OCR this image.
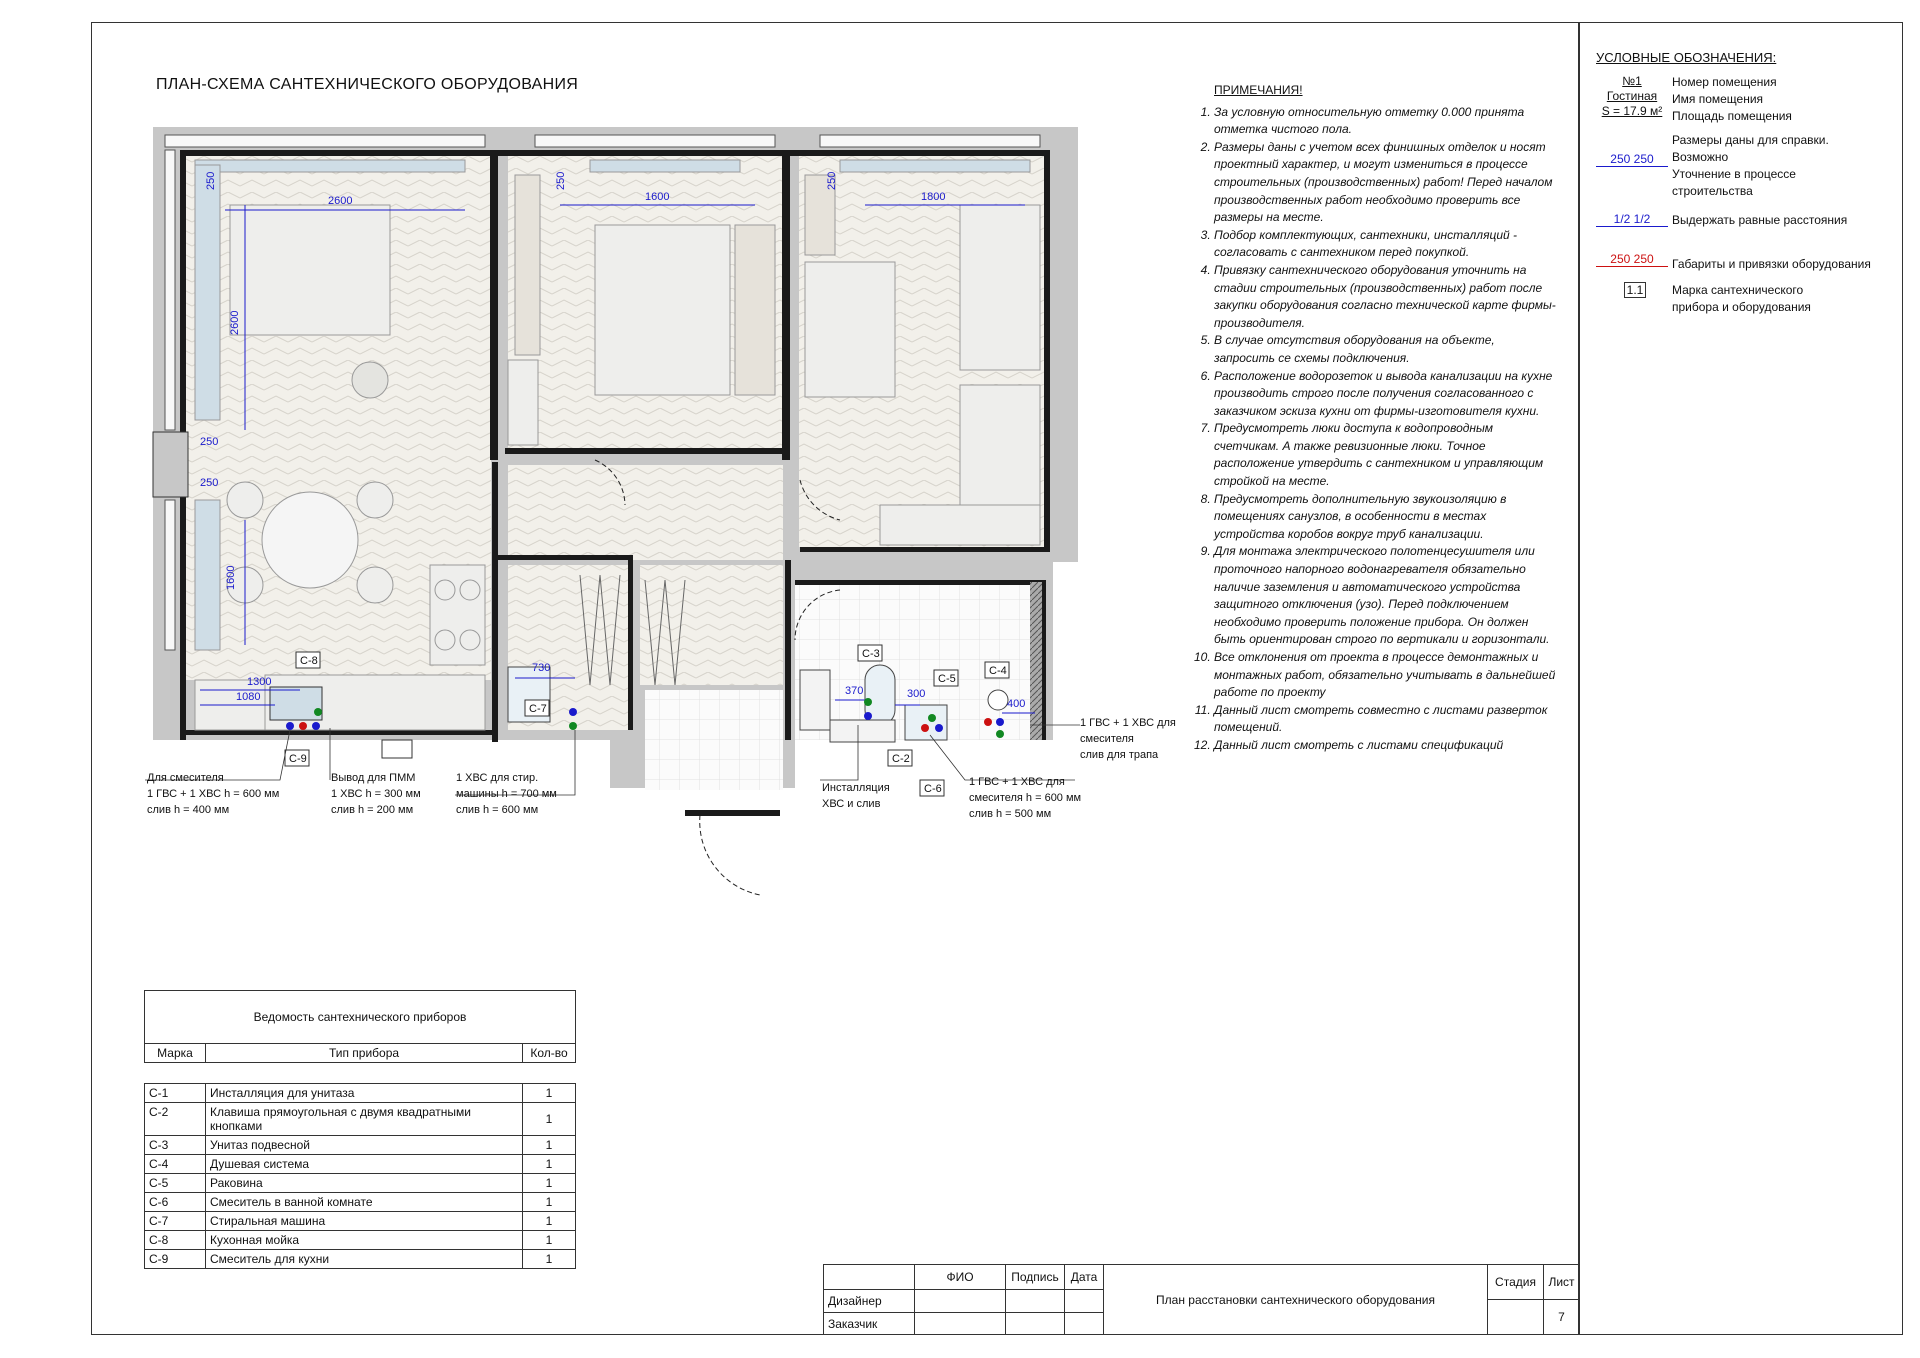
ПЛАН-СХЕМА САНТЕХНИЧЕСКОГО ОБОРУДОВАНИЯ
2600
2600
1600	1800
1600
250	250	250
250
250
1300
1080
730
370	300
400
С-8
С-9
С-7
С-3
С-5
С-4
С-2
С-6
Для смесителя
1 ГВС + 1 ХВС h = 600 мм
слив h = 400 мм
Вывод для ПММ
1 ХВС h = 300 мм
слив h = 200 мм
1 ХВС для стир.
машины h = 700 мм
слив h = 600 мм
Инсталляция
ХВС и слив
1 ГВС + 1 ХВС для
смесителя h = 600 мм
слив h = 500 мм
1 ГВС + 1 ХВС для
смесителя
слив для трапа
ПРИМЕЧАНИЯ!
1. За условную относительную отметку 0.000 принята отметка чистого пола.
2. Размеры даны с учетом всех финишных отделок и носят проектный характер, и могут измениться в процессе строительных (производственных) работ! Перед началом производственных работ необходимо проверить все размеры на месте.
3. Подбор комплектующих, сантехники, инсталляций - согласовать с сантехником перед покупкой.
4. Привязку сантехнического оборудования уточнить на стадии строительных (производственных) работ после закупки оборудования согласно технической карте фирмы-производителя.
5. В случае отсутствия оборудования на объекте, запросить се схемы подключения.
6. Расположение водорозеток и вывода канализации на кухне производить строго после получения согласованного с заказчиком эскиза кухни от фирмы-изготовителя кухни.
7. Предусмотреть люки доступа к водопроводным счетчикам. А также ревизионные люки. Точное расположение утвердить с сантехником и управляющим стройкой на месте.
8. Предусмотреть дополнительную звукоизоляцию в помещениях санузлов, в особенности в местах устройства коробов вокруг труб канализации.
9. Для монтажа электрического полотенцесушителя или проточного напорного водонагревателя обязательно наличие заземления и автоматического устройства защитного отключения (узо). Перед подключением необходимо проверить положение прибора. Он должен быть ориентирован строго по вертикали и горизонтали.
10. Все отклонения от проекта в процессе демонтажных и монтажных работ, обязательно учитывать в дальнейшей работе по проекту
11. Данный лист смотреть совместно с листами разверток помещений.
12. Данный лист смотреть с листами спецификаций
УСЛОВНЫЕ ОБОЗНАЧЕНИЯ:
№1
Гостиная
S = 17.9 м²
Номер помещения
Имя помещения
Площадь помещения
250 250
Размеры даны для справки.
Возможно
Уточнение в процессе
строительства
1/2 1/2	Выдержать равные расстояния
250 250	Габариты и привязки оборудования
1.1 Марка сантехнического
прибора и оборудования
Ведомость сантехнического приборов
Марка	Тип прибора	Кол-во
С-1	Инсталляция для унитаза	1
С-2	Клавиша прямоугольная с двумя квадратными кнопками	1
С-3	Унитаз подвесной	1
С-4	Душевая система	1
С-5	Раковина	1
С-6	Смеситель в ванной комнате	1
С-7	Стиральная машина	1
С-8	Кухонная мойка	1
С-9	Смеситель для кухни	1
ФИО	Подпись Дата
Дизайнер
Заказчик
План расстановки сантехнического оборудования
Стадия	Лист
7
